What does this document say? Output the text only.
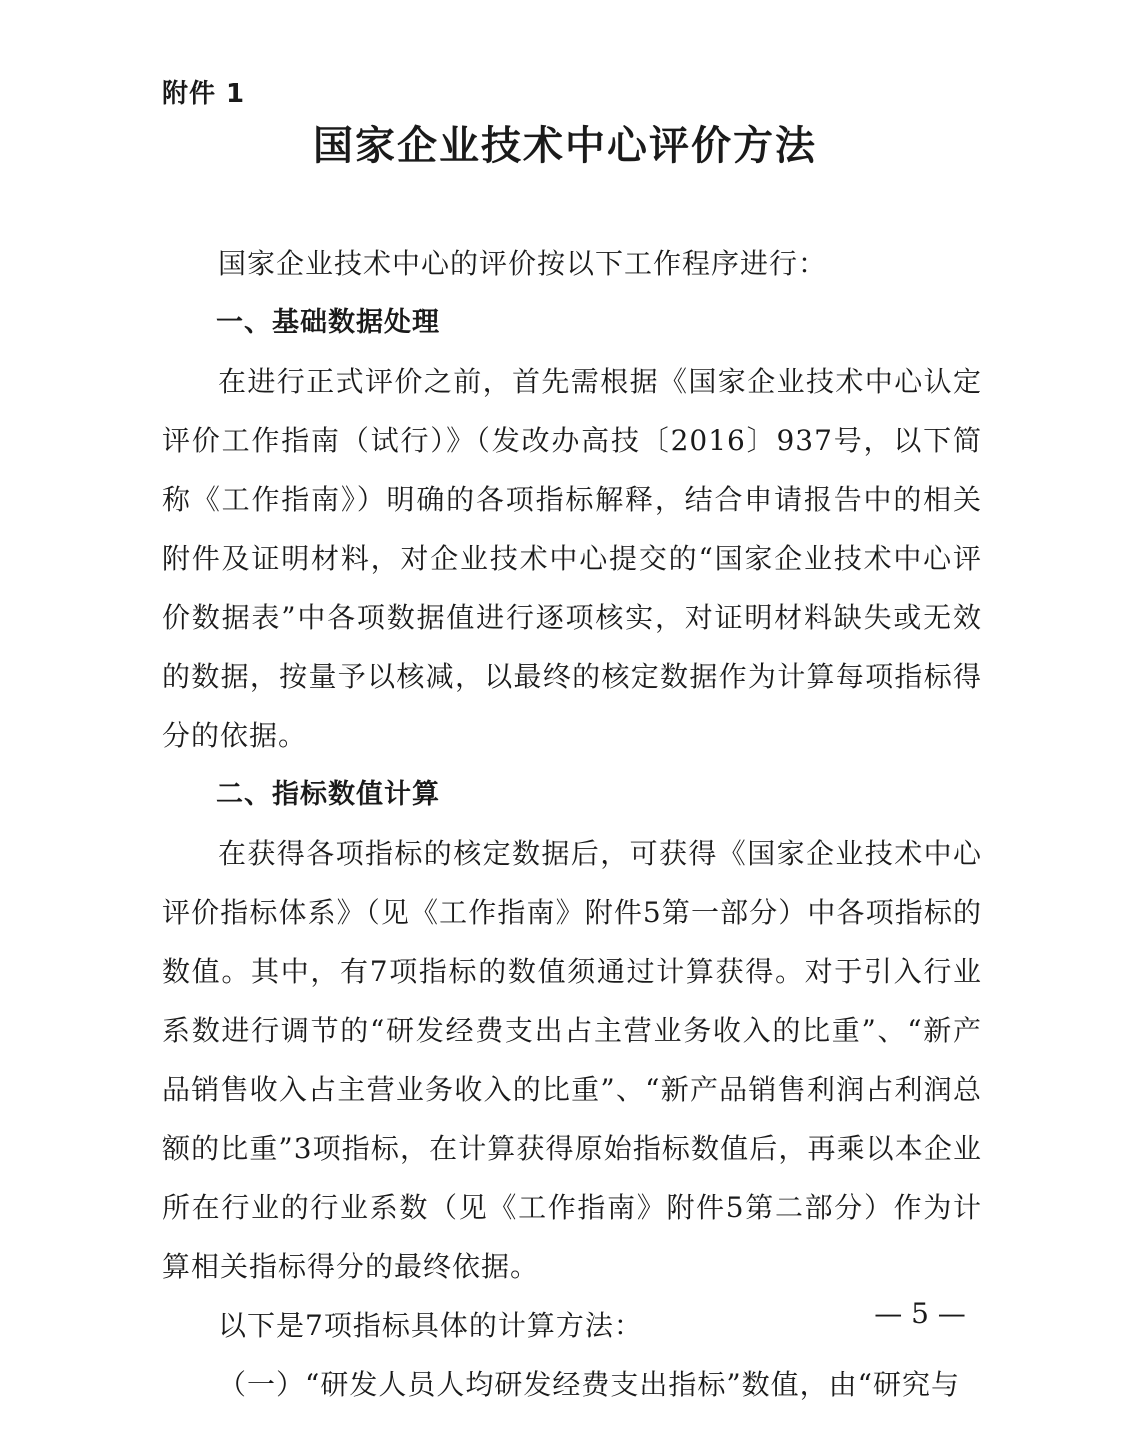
附件 1
国家企业技术中心评价方法

国家企业技术中心的评价按以下工作程序进行：

一、基础数据处理

在进行正式评价之前，首先需根据《国家企业技术中心认定评价工作指南（试行）》（发改办高技〔2016〕937号，以下简称《工作指南》）明确的各项指标解释，结合申请报告中的相关附件及证明材料，对企业技术中心提交的“国家企业技术中心评价数据表”中各项数据值进行逐项核实，对证明材料缺失或无效的数据，按量予以核减，以最终的核定数据作为计算每项指标得分的依据。

二、指标数值计算

在获得各项指标的核定数据后，可获得《国家企业技术中心评价指标体系》（见《工作指南》附件5第一部分）中各项指标的数值。其中，有7项指标的数值须通过计算获得。对于引入行业系数进行调节的“研发经费支出占主营业务收入的比重”、“新产品销售收入占主营业务收入的比重”、“新产品销售利润占利润总额的比重”3项指标，在计算获得原始指标数值后，再乘以本企业所在行业的行业系数（见《工作指南》附件5第二部分）作为计算相关指标得分的最终依据。

以下是7项指标具体的计算方法：

（一）“研发人员人均研发经费支出指标”数值，由“研究与

— 5 —
